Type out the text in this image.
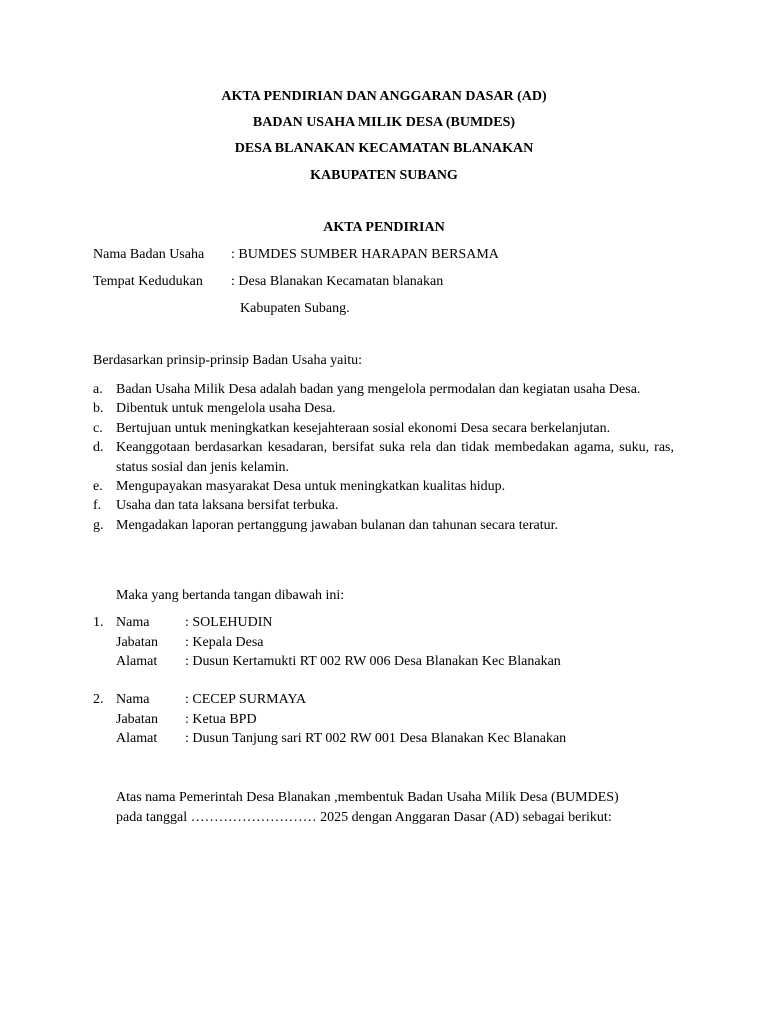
AKTA PENDIRIAN DAN ANGGARAN DASAR (AD)
BADAN USAHA MILIK DESA (BUMDES)
DESA BLANAKAN KECAMATAN BLANAKAN
KABUPATEN SUBANG
AKTA PENDIRIAN
Nama Badan Usaha : BUMDES SUMBER HARAPAN BERSAMA
Tempat Kedudukan : Desa Blanakan Kecamatan blanakan
Kabupaten Subang.
Berdasarkan prinsip-prinsip Badan Usaha yaitu:
a. Badan Usaha Milik Desa adalah badan yang mengelola permodalan dan kegiatan usaha Desa.
b. Dibentuk untuk mengelola usaha Desa.
c. Bertujuan untuk meningkatkan kesejahteraan sosial ekonomi Desa secara berkelanjutan.
d. Keanggotaan berdasarkan kesadaran, bersifat suka rela dan tidak membedakan agama, suku, ras, status sosial dan jenis kelamin.
e. Mengupayakan masyarakat Desa untuk meningkatkan kualitas hidup.
f. Usaha dan tata laksana bersifat terbuka.
g. Mengadakan laporan pertanggung jawaban bulanan dan tahunan secara teratur.
Maka yang bertanda tangan dibawah ini:
1. Nama	: SOLEHUDIN
Jabatan : Kepala Desa
Alamat : Dusun Kertamukti RT 002 RW 006 Desa Blanakan Kec Blanakan
2. Nama	: CECEP SURMAYA
Jabatan : Ketua BPD
Alamat : Dusun Tanjung sari RT 002 RW 001 Desa Blanakan Kec Blanakan
Atas nama Pemerintah Desa Blanakan ,membentuk Badan Usaha Milik Desa (BUMDES)
pada tanggal ……………………… 2025 dengan Anggaran Dasar (AD) sebagai berikut:
